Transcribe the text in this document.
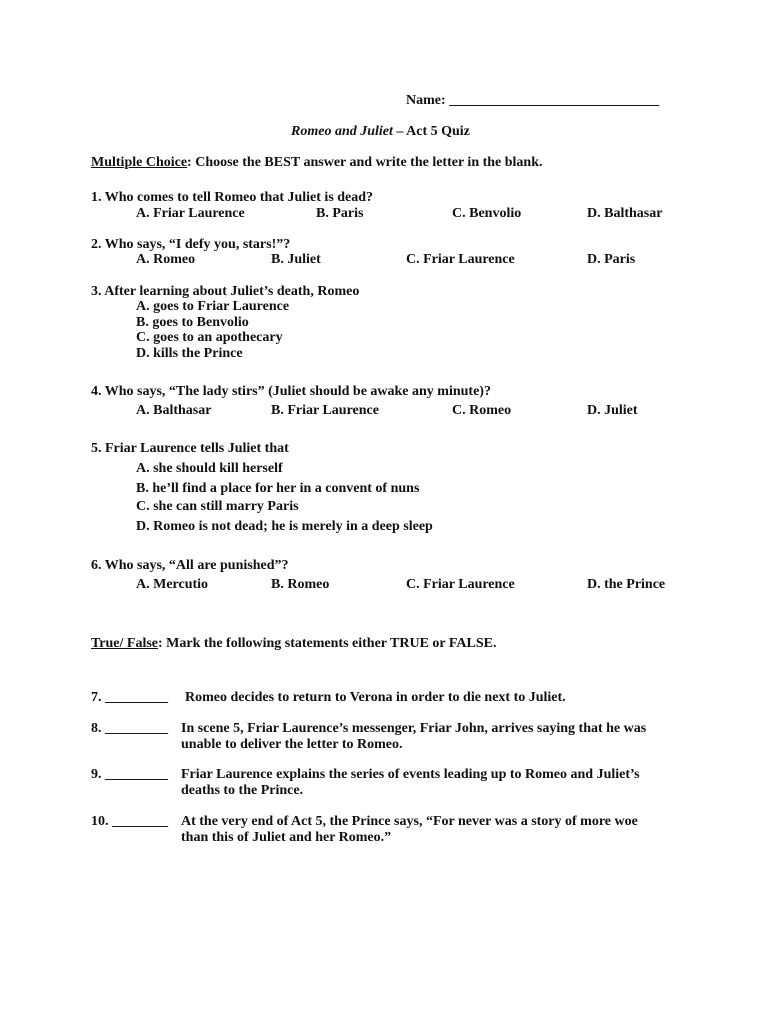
Name: ______________________________
Romeo and Juliet – Act 5 Quiz
Multiple Choice: Choose the BEST answer and write the letter in the blank.
1. Who comes to tell Romeo that Juliet is dead?
A. Friar Laurence	B. Paris	C. Benvolio	D. Balthasar
2. Who says, “I defy you, stars!”?
A. Romeo	B. Juliet	C. Friar Laurence	D. Paris
3. After learning about Juliet’s death, Romeo
A. goes to Friar Laurence
B. goes to Benvolio
C. goes to an apothecary
D. kills the Prince
4. Who says, “The lady stirs” (Juliet should be awake any minute)?
A. Balthasar	B. Friar Laurence	C. Romeo	D. Juliet
5. Friar Laurence tells Juliet that
A. she should kill herself
B. he’ll find a place for her in a convent of nuns
C. she can still marry Paris
D. Romeo is not dead; he is merely in a deep sleep
6. Who says, “All are punished”?
A. Mercutio	B. Romeo	C. Friar Laurence	D. the Prince
True/ False: Mark the following statements either TRUE or FALSE.
7. _________ Romeo decides to return to Verona in order to die next to Juliet.
8. _________ In scene 5, Friar Laurence’s messenger, Friar John, arrives saying that he was
unable to deliver the letter to Romeo.
9. _________ Friar Laurence explains the series of events leading up to Romeo and Juliet’s
deaths to the Prince.
10. ________ At the very end of Act 5, the Prince says, “For never was a story of more woe
than this of Juliet and her Romeo.”
